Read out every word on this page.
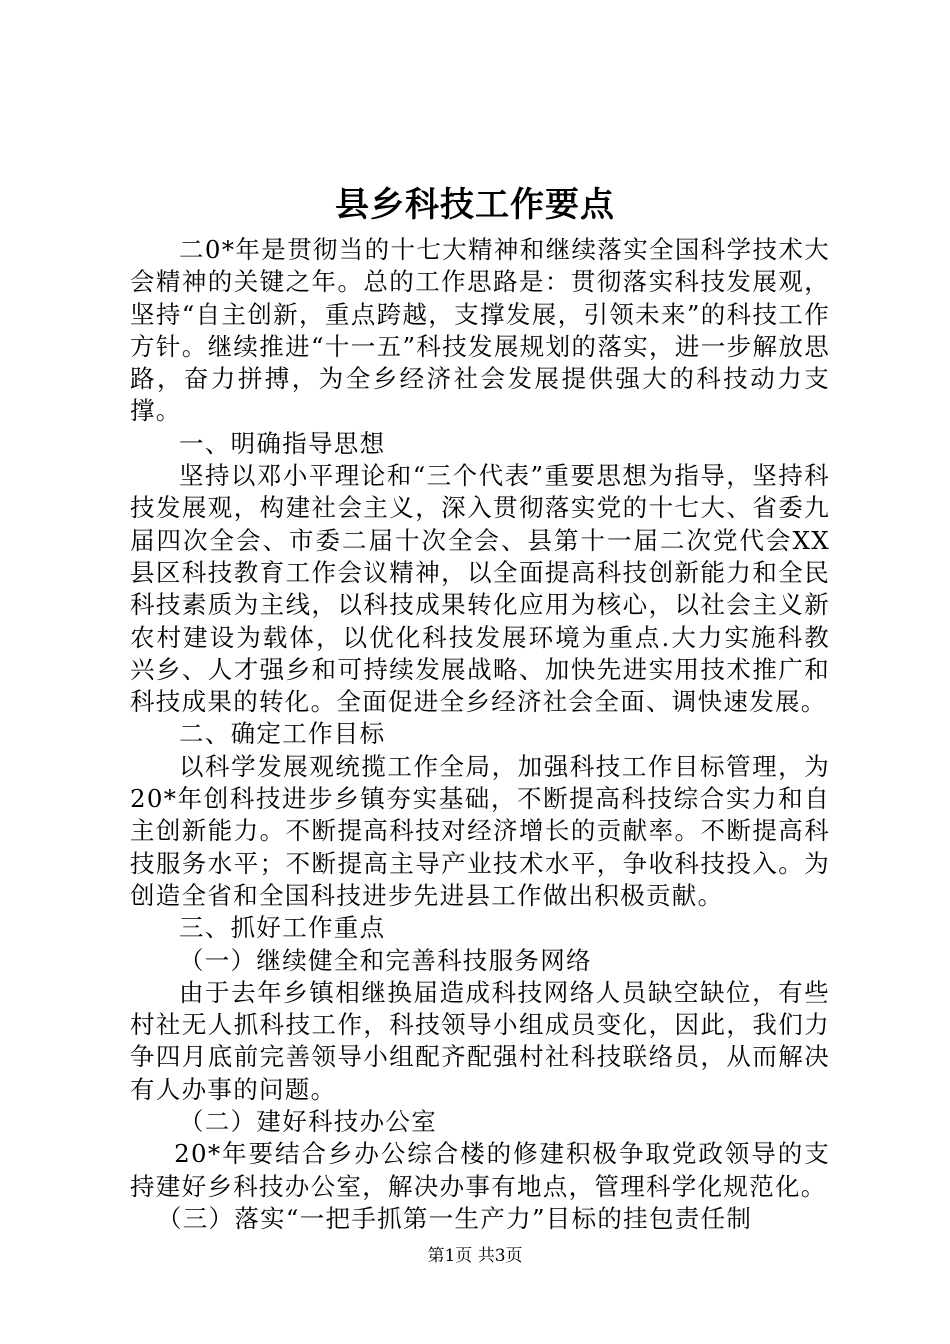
县乡科技工作要点

二0*年是贯彻当的十七大精神和继续落实全国科学技术大会精神的关键之年。总的工作思路是：贯彻落实科技发展观，坚持“自主创新，重点跨越，支撑发展，引领未来”的科技工作方针。继续推进“十一五”科技发展规划的落实，进一步解放思路，奋力拼搏，为全乡经济社会发展提供强大的科技动力支撑。

一、明确指导思想

坚持以邓小平理论和“三个代表”重要思想为指导，坚持科技发展观，构建社会主义，深入贯彻落实党的十七大、省委九届四次全会、市委二届十次全会、县第十一届二次党代会XX县区科技教育工作会议精神，以全面提高科技创新能力和全民科技素质为主线，以科技成果转化应用为核心，以社会主义新农村建设为载体，以优化科技发展环境为重点.大力实施科教兴乡、人才强乡和可持续发展战略、加快先进实用技术推广和科技成果的转化。全面促进全乡经济社会全面、调快速发展。

二、确定工作目标

以科学发展观统揽工作全局，加强科技工作目标管理，为20*年创科技进步乡镇夯实基础，不断提高科技综合实力和自主创新能力。不断提高科技对经济增长的贡献率。不断提高科技服务水平；不断提高主导产业技术水平，争收科技投入。为创造全省和全国科技进步先进县工作做出积极贡献。

三、抓好工作重点

（一）继续健全和完善科技服务网络

由于去年乡镇相继换届造成科技网络人员缺空缺位，有些村社无人抓科技工作，科技领导小组成员变化，因此，我们力争四月底前完善领导小组配齐配强村社科技联络员，从而解决有人办事的问题。

（二）建好科技办公室

20*年要结合乡办公综合楼的修建积极争取党政领导的支持建好乡科技办公室，解决办事有地点，管理科学化规范化。

（三）落实“一把手抓第一生产力”目标的挂包责任制

第1页 共3页
